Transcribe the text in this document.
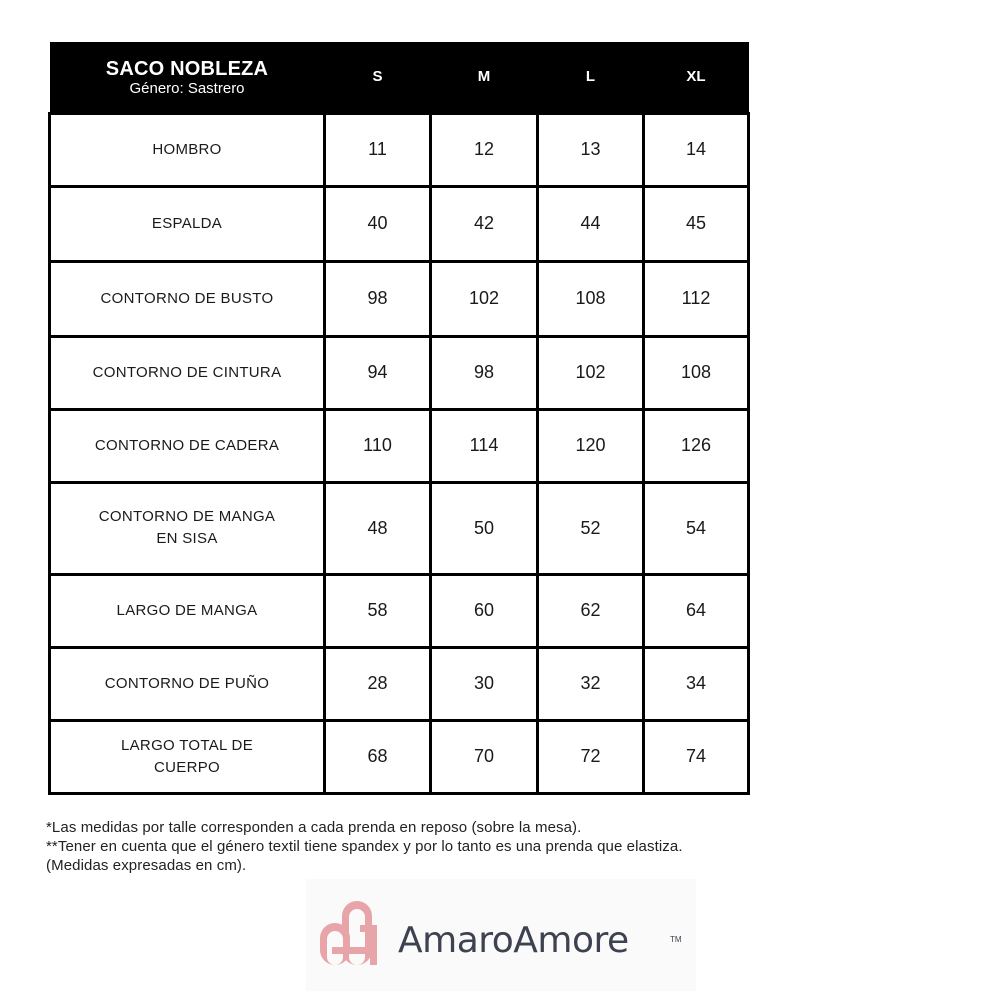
SACO NOBLEZA
Género: Sastrero	S	M	L	XL
HOMBRO	11	12	13	14
ESPALDA	40	42	44	45
CONTORNO DE BUSTO	98	102	108	112
CONTORNO DE CINTURA	94	98	102	108
CONTORNO DE CADERA	110	114	120	126
CONTORNO DE MANGA EN SISA	48	50	52	54
LARGO DE MANGA	58	60	62	64
CONTORNO DE PUÑO	28	30	32	34
LARGO TOTAL DE CUERPO	68	70	72	74
*Las medidas por talle corresponden a cada prenda en reposo (sobre la mesa).
**Tener en cuenta que el género textil tiene spandex y por lo tanto es una prenda que elastiza.
(Medidas expresadas en cm).
AmaroAmore	TM
